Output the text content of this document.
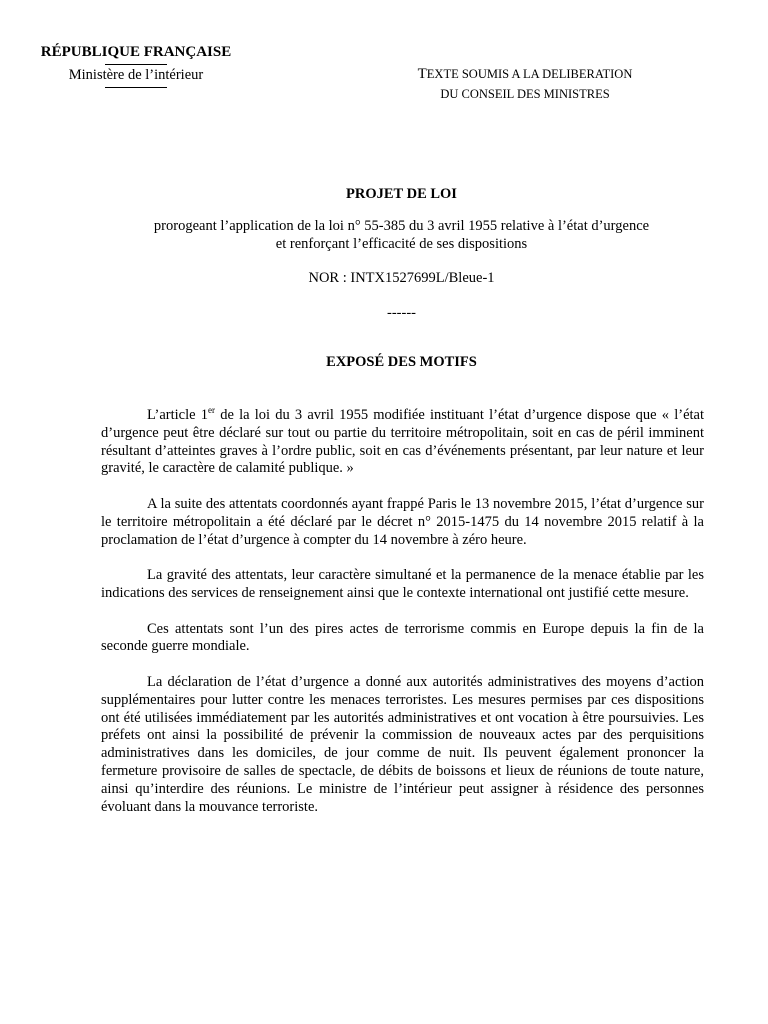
RÉPUBLIQUE FRANÇAISE
Ministère de l’intérieur	TEXTE SOUMIS A LA DELIBERATION
DU CONSEIL DES MINISTRES
PROJET DE LOI
prorogeant l’application de la loi n° 55-385 du 3 avril 1955 relative à l’état d’urgence
et renforçant l’efficacité de ses dispositions
NOR : INTX1527699L/Bleue-1
------
EXPOSÉ DES MOTIFS

L’article 1er de la loi du 3 avril 1955 modifiée instituant l’état d’urgence dispose que « l’état d’urgence peut être déclaré sur tout ou partie du territoire métropolitain, soit en cas de péril imminent résultant d’atteintes graves à l’ordre public, soit en cas d’événements présentant, par leur nature et leur gravité, le caractère de calamité publique. »

A la suite des attentats coordonnés ayant frappé Paris le 13 novembre 2015, l’état d’urgence sur le territoire métropolitain a été déclaré par le décret n° 2015-1475 du 14 novembre 2015 relatif à la proclamation de l’état d’urgence à compter du 14 novembre à zéro heure.

La gravité des attentats, leur caractère simultané et la permanence de la menace établie par les indications des services de renseignement ainsi que le contexte international ont justifié cette mesure.

Ces attentats sont l’un des pires actes de terrorisme commis en Europe depuis la fin de la seconde guerre mondiale.

La déclaration de l’état d’urgence a donné aux autorités administratives des moyens d’action supplémentaires pour lutter contre les menaces terroristes. Les mesures permises par ces dispositions ont été utilisées immédiatement par les autorités administratives et ont vocation à être poursuivies. Les préfets ont ainsi la possibilité de prévenir la commission de nouveaux actes par des perquisitions administratives dans les domiciles, de jour comme de nuit. Ils peuvent également prononcer la fermeture provisoire de salles de spectacle, de débits de boissons et lieux de réunions de toute nature, ainsi qu’interdire des réunions. Le ministre de l’intérieur peut assigner à résidence des personnes évoluant dans la mouvance terroriste.
